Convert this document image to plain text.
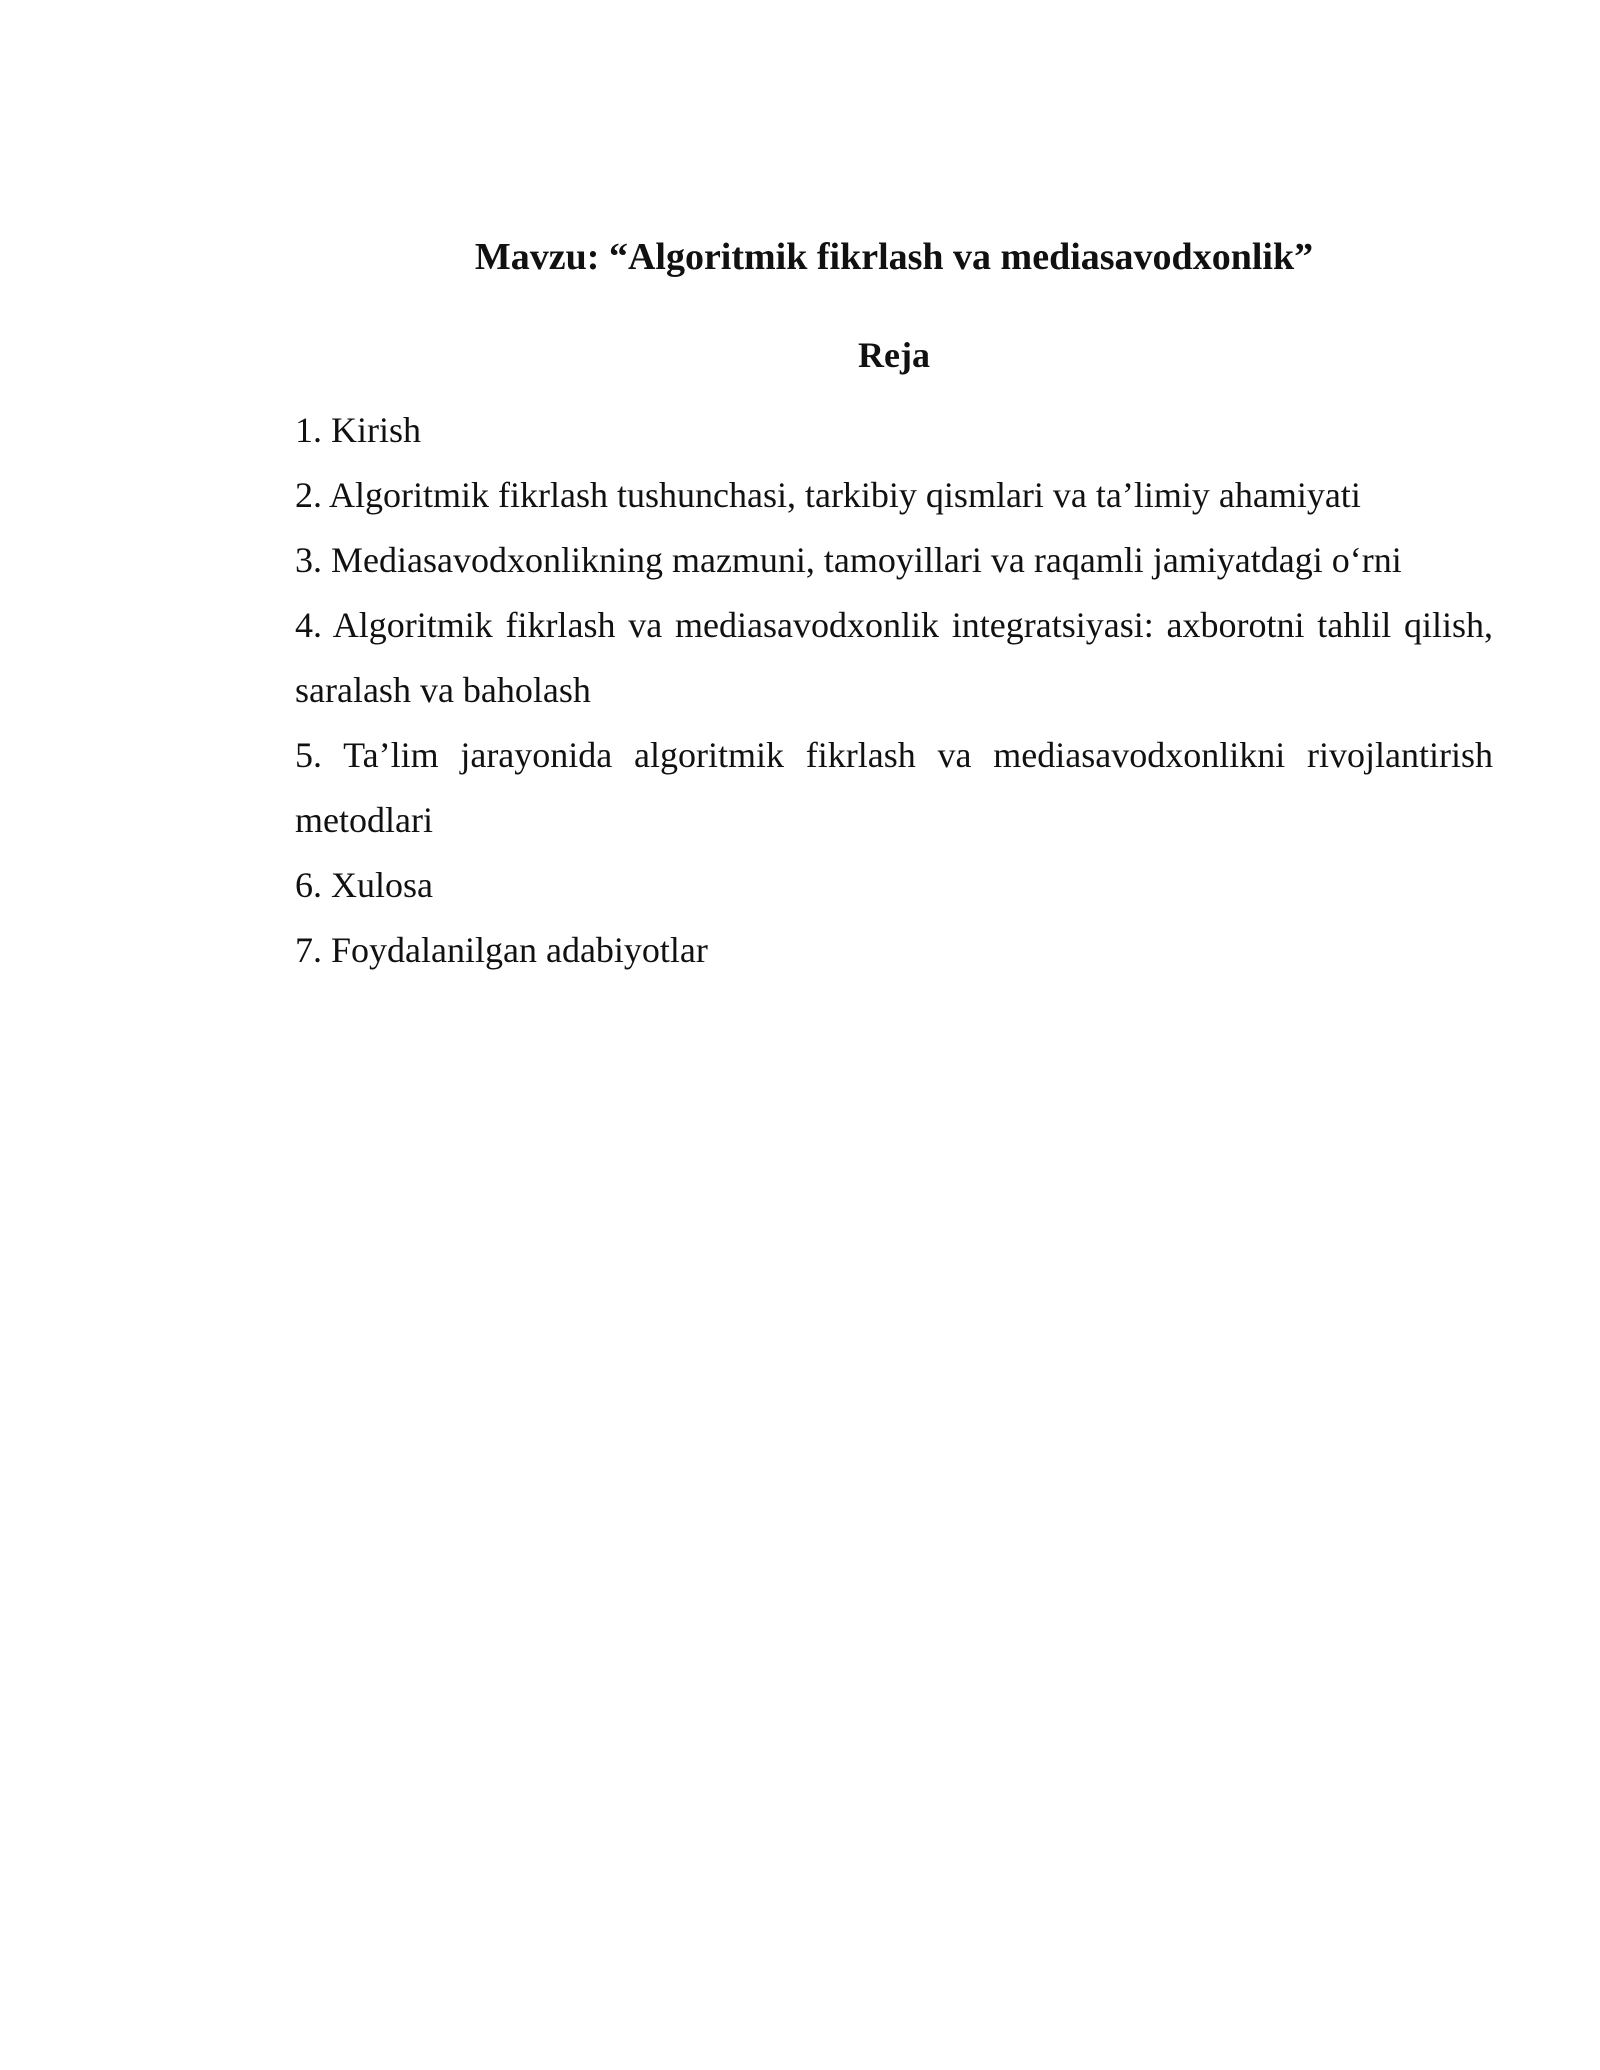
Mavzu: “Algoritmik fikrlash va mediasavodxonlik”
Reja
1. Kirish
2. Algoritmik fikrlash tushunchasi, tarkibiy qismlari va ta’limiy ahamiyati
3. Mediasavodxonlikning mazmuni, tamoyillari va raqamli jamiyatdagi o‘rni
4. Algoritmik fikrlash va mediasavodxonlik integratsiyasi: axborotni tahlil qilish, saralash va baholash
5. Ta’lim jarayonida algoritmik fikrlash va mediasavodxonlikni rivojlantirish metodlari
6. Xulosa
7. Foydalanilgan adabiyotlar
